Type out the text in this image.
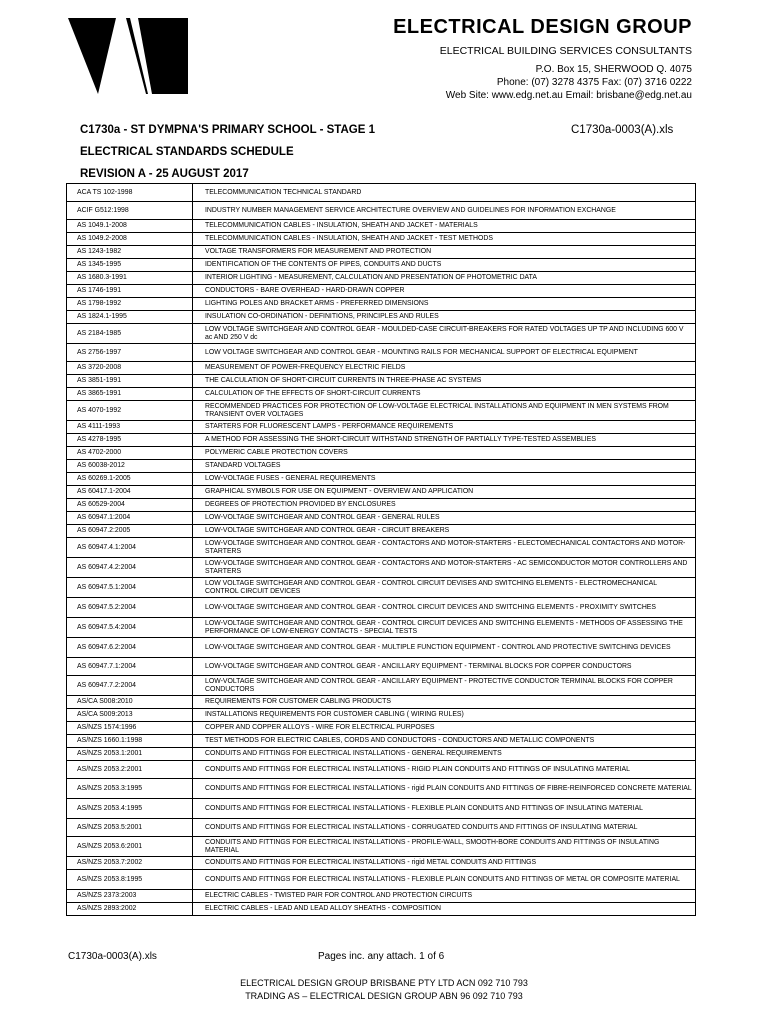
ELECTRICAL DESIGN GROUP
ELECTRICAL BUILDING SERVICES CONSULTANTS
P.O. Box 15, SHERWOOD Q. 4075
Phone: (07) 3278 4375 Fax: (07) 3716 0222
Web Site: www.edg.net.au Email: brisbane@edg.net.au
C1730a - ST DYMPNA'S PRIMARY SCHOOL - STAGE 1	C1730a-0003(A).xls
ELECTRICAL STANDARDS SCHEDULE
REVISION A - 25 AUGUST 2017
ACA TS 102-1998	TELECOMMUNICATION TECHNICAL STANDARD
ACIF G512:1998	INDUSTRY NUMBER MANAGEMENT SERVICE ARCHITECTURE OVERVIEW AND GUIDELINES FOR INFORMATION EXCHANGE
AS 1049.1-2008	TELECOMMUNICATION CABLES - INSULATION, SHEATH AND JACKET - MATERIALS
AS 1049.2-2008	TELECOMMUNICATION CABLES - INSULATION, SHEATH AND JACKET - TEST METHODS
AS 1243-1982	VOLTAGE TRANSFORMERS FOR MEASUREMENT AND PROTECTION
AS 1345-1995	IDENTIFICATION OF THE CONTENTS OF PIPES, CONDUITS AND DUCTS
AS 1680.3-1991	INTERIOR LIGHTING - MEASUREMENT, CALCULATION AND PRESENTATION OF PHOTOMETRIC DATA
AS 1746-1991	CONDUCTORS - BARE OVERHEAD - HARD-DRAWN COPPER
AS 1798-1992	LIGHTING POLES AND BRACKET ARMS - PREFERRED DIMENSIONS
AS 1824.1-1995	INSULATION CO-ORDINATION - DEFINITIONS, PRINCIPLES AND RULES
AS 2184-1985	LOW VOLTAGE SWITCHGEAR AND CONTROL GEAR - MOULDED-CASE CIRCUIT-BREAKERS FOR RATED VOLTAGES UP TP AND INCLUDING 600 V ac AND 250 V dc
AS 2756-1997	LOW VOLTAGE SWITCHGEAR AND CONTROL GEAR - MOUNTING RAILS FOR MECHANICAL SUPPORT OF ELECTRICAL EQUIPMENT
AS 3720-2008	MEASUREMENT OF POWER-FREQUENCY ELECTRIC FIELDS
AS 3851-1991	THE CALCULATION OF SHORT-CIRCUIT CURRENTS IN THREE-PHASE AC SYSTEMS
AS 3865-1991	CALCULATION OF THE EFFECTS OF SHORT-CIRCUIT CURRENTS
AS 4070-1992	RECOMMENDED PRACTICES FOR PROTECTION OF LOW-VOLTAGE ELECTRICAL INSTALLATIONS AND EQUIPMENT IN MEN SYSTEMS FROM TRANSIENT OVER VOLTAGES
AS 4111-1993	STARTERS FOR FLUORESCENT LAMPS - PERFORMANCE REQUIREMENTS
AS 4278-1995	A METHOD FOR ASSESSING THE SHORT-CIRCUIT WITHSTAND STRENGTH OF PARTIALLY TYPE-TESTED ASSEMBLIES
AS 4702-2000	POLYMERIC CABLE PROTECTION COVERS
AS 60038-2012	STANDARD VOLTAGES
AS 60269.1-2005	LOW-VOLTAGE FUSES - GENERAL REQUIREMENTS
AS 60417.1-2004	GRAPHICAL SYMBOLS FOR USE ON EQUIPMENT - OVERVIEW AND APPLICATION
AS 60529-2004	DEGREES OF PROTECTION PROVIDED BY ENCLOSURES
AS 60947.1:2004	LOW-VOLTAGE SWITCHGEAR AND CONTROL GEAR - GENERAL RULES
AS 60947.2:2005	LOW-VOLTAGE SWITCHGEAR AND CONTROL GEAR - CIRCUIT BREAKERS
AS 60947.4.1:2004	LOW-VOLTAGE SWITCHGEAR AND CONTROL GEAR - CONTACTORS AND MOTOR-STARTERS - ELECTOMECHANICAL CONTACTORS AND MOTOR-STARTERS
AS 60947.4.2:2004	LOW-VOLTAGE SWITCHGEAR AND CONTROL GEAR - CONTACTORS AND MOTOR-STARTERS - AC SEMICONDUCTOR MOTOR CONTROLLERS AND STARTERS
AS 60947.5.1:2004	LOW VOLTAGE SWITCHGEAR AND CONTROL GEAR - CONTROL CIRCUIT DEVISES AND SWITCHING ELEMENTS - ELECTROMECHANICAL CONTROL CIRCUIT DEVICES
AS 60947.5.2:2004	LOW-VOLTAGE SWITCHGEAR AND CONTROL GEAR - CONTROL CIRCUIT DEVICES AND SWITCHING ELEMENTS - PROXIMITY SWITCHES
AS 60947.5.4:2004	LOW-VOLTAGE SWITCHGEAR AND CONTROL GEAR - CONTROL CIRCUIT DEVICES AND SWITCHING ELEMENTS - METHODS OF ASSESSING THE PERFORMANCE OF LOW-ENERGY CONTACTS - SPECIAL TESTS
AS 60947.6.2:2004	LOW-VOLTAGE SWITCHGEAR AND CONTROL GEAR - MULTIPLE FUNCTION EQUIPMENT - CONTROL AND PROTECTIVE SWITCHING DEVICES
AS 60947.7.1:2004	LOW-VOLTAGE SWITCHGEAR AND CONTROL GEAR - ANCILLARY EQUIPMENT - TERMINAL BLOCKS FOR COPPER CONDUCTORS
AS 60947.7.2:2004	LOW-VOLTAGE SWITCHGEAR AND CONTROL GEAR - ANCILLARY EQUIPMENT - PROTECTIVE CONDUCTOR TERMINAL BLOCKS FOR COPPER CONDUCTORS
AS/CA S008:2010	REQUIREMENTS FOR CUSTOMER CABLING PRODUCTS
AS/CA S009:2013	INSTALLATIONS REQUIREMENTS FOR CUSTOMER CABLING ( WIRING RULES)
AS/NZS 1574:1996	COPPER AND COPPER ALLOYS - WIRE FOR ELECTRICAL PURPOSES
AS/NZS 1660.1:1998	TEST METHODS FOR ELECTRIC CABLES, CORDS AND CONDUCTORS - CONDUCTORS AND METALLIC COMPONENTS
AS/NZS 2053.1:2001	CONDUITS AND FITTINGS FOR ELECTRICAL INSTALLATIONS - GENERAL REQUIREMENTS
AS/NZS 2053.2:2001	CONDUITS AND FITTINGS FOR ELECTRICAL INSTALLATIONS - RIGID PLAIN CONDUITS AND FITTINGS OF INSULATING MATERIAL
AS/NZS 2053.3:1995	CONDUITS AND FITTINGS FOR ELECTRICAL INSTALLATIONS - rigid PLAIN CONDUITS AND FITTINGS OF FIBRE-REINFORCED CONCRETE MATERIAL
AS/NZS 2053.4:1995	CONDUITS AND FITTINGS FOR ELECTRICAL INSTALLATIONS - FLEXIBLE PLAIN CONDUITS AND FITTINGS OF INSULATING MATERIAL
AS/NZS 2053.5:2001	CONDUITS AND FITTINGS FOR ELECTRICAL INSTALLATIONS - CORRUGATED CONDUITS AND FITTINGS OF INSULATING MATERIAL
AS/NZS 2053.6:2001	CONDUITS AND FITTINGS FOR ELECTRICAL INSTALLATIONS - PROFILE-WALL, SMOOTH-BORE CONDUITS AND FITTINGS OF INSULATING MATERIAL
AS/NZS 2053.7:2002	CONDUITS AND FITTINGS FOR ELECTRICAL INSTALLATIONS - rigid METAL CONDUITS AND FITTINGS
AS/NZS 2053.8:1995	CONDUITS AND FITTINGS FOR ELECTRICAL INSTALLATIONS - FLEXIBLE PLAIN CONDUITS AND FITTINGS OF METAL OR COMPOSITE MATERIAL
AS/NZS 2373:2003	ELECTRIC CABLES - TWISTED PAIR FOR CONTROL AND PROTECTION CIRCUITS
AS/NZS 2893:2002	ELECTRIC CABLES - LEAD AND LEAD ALLOY SHEATHS - COMPOSITION
C1730a-0003(A).xls	Pages inc. any attach. 1 of 6
ELECTRICAL DESIGN GROUP BRISBANE PTY LTD ACN 092 710 793
TRADING AS – ELECTRICAL DESIGN GROUP ABN 96 092 710 793
